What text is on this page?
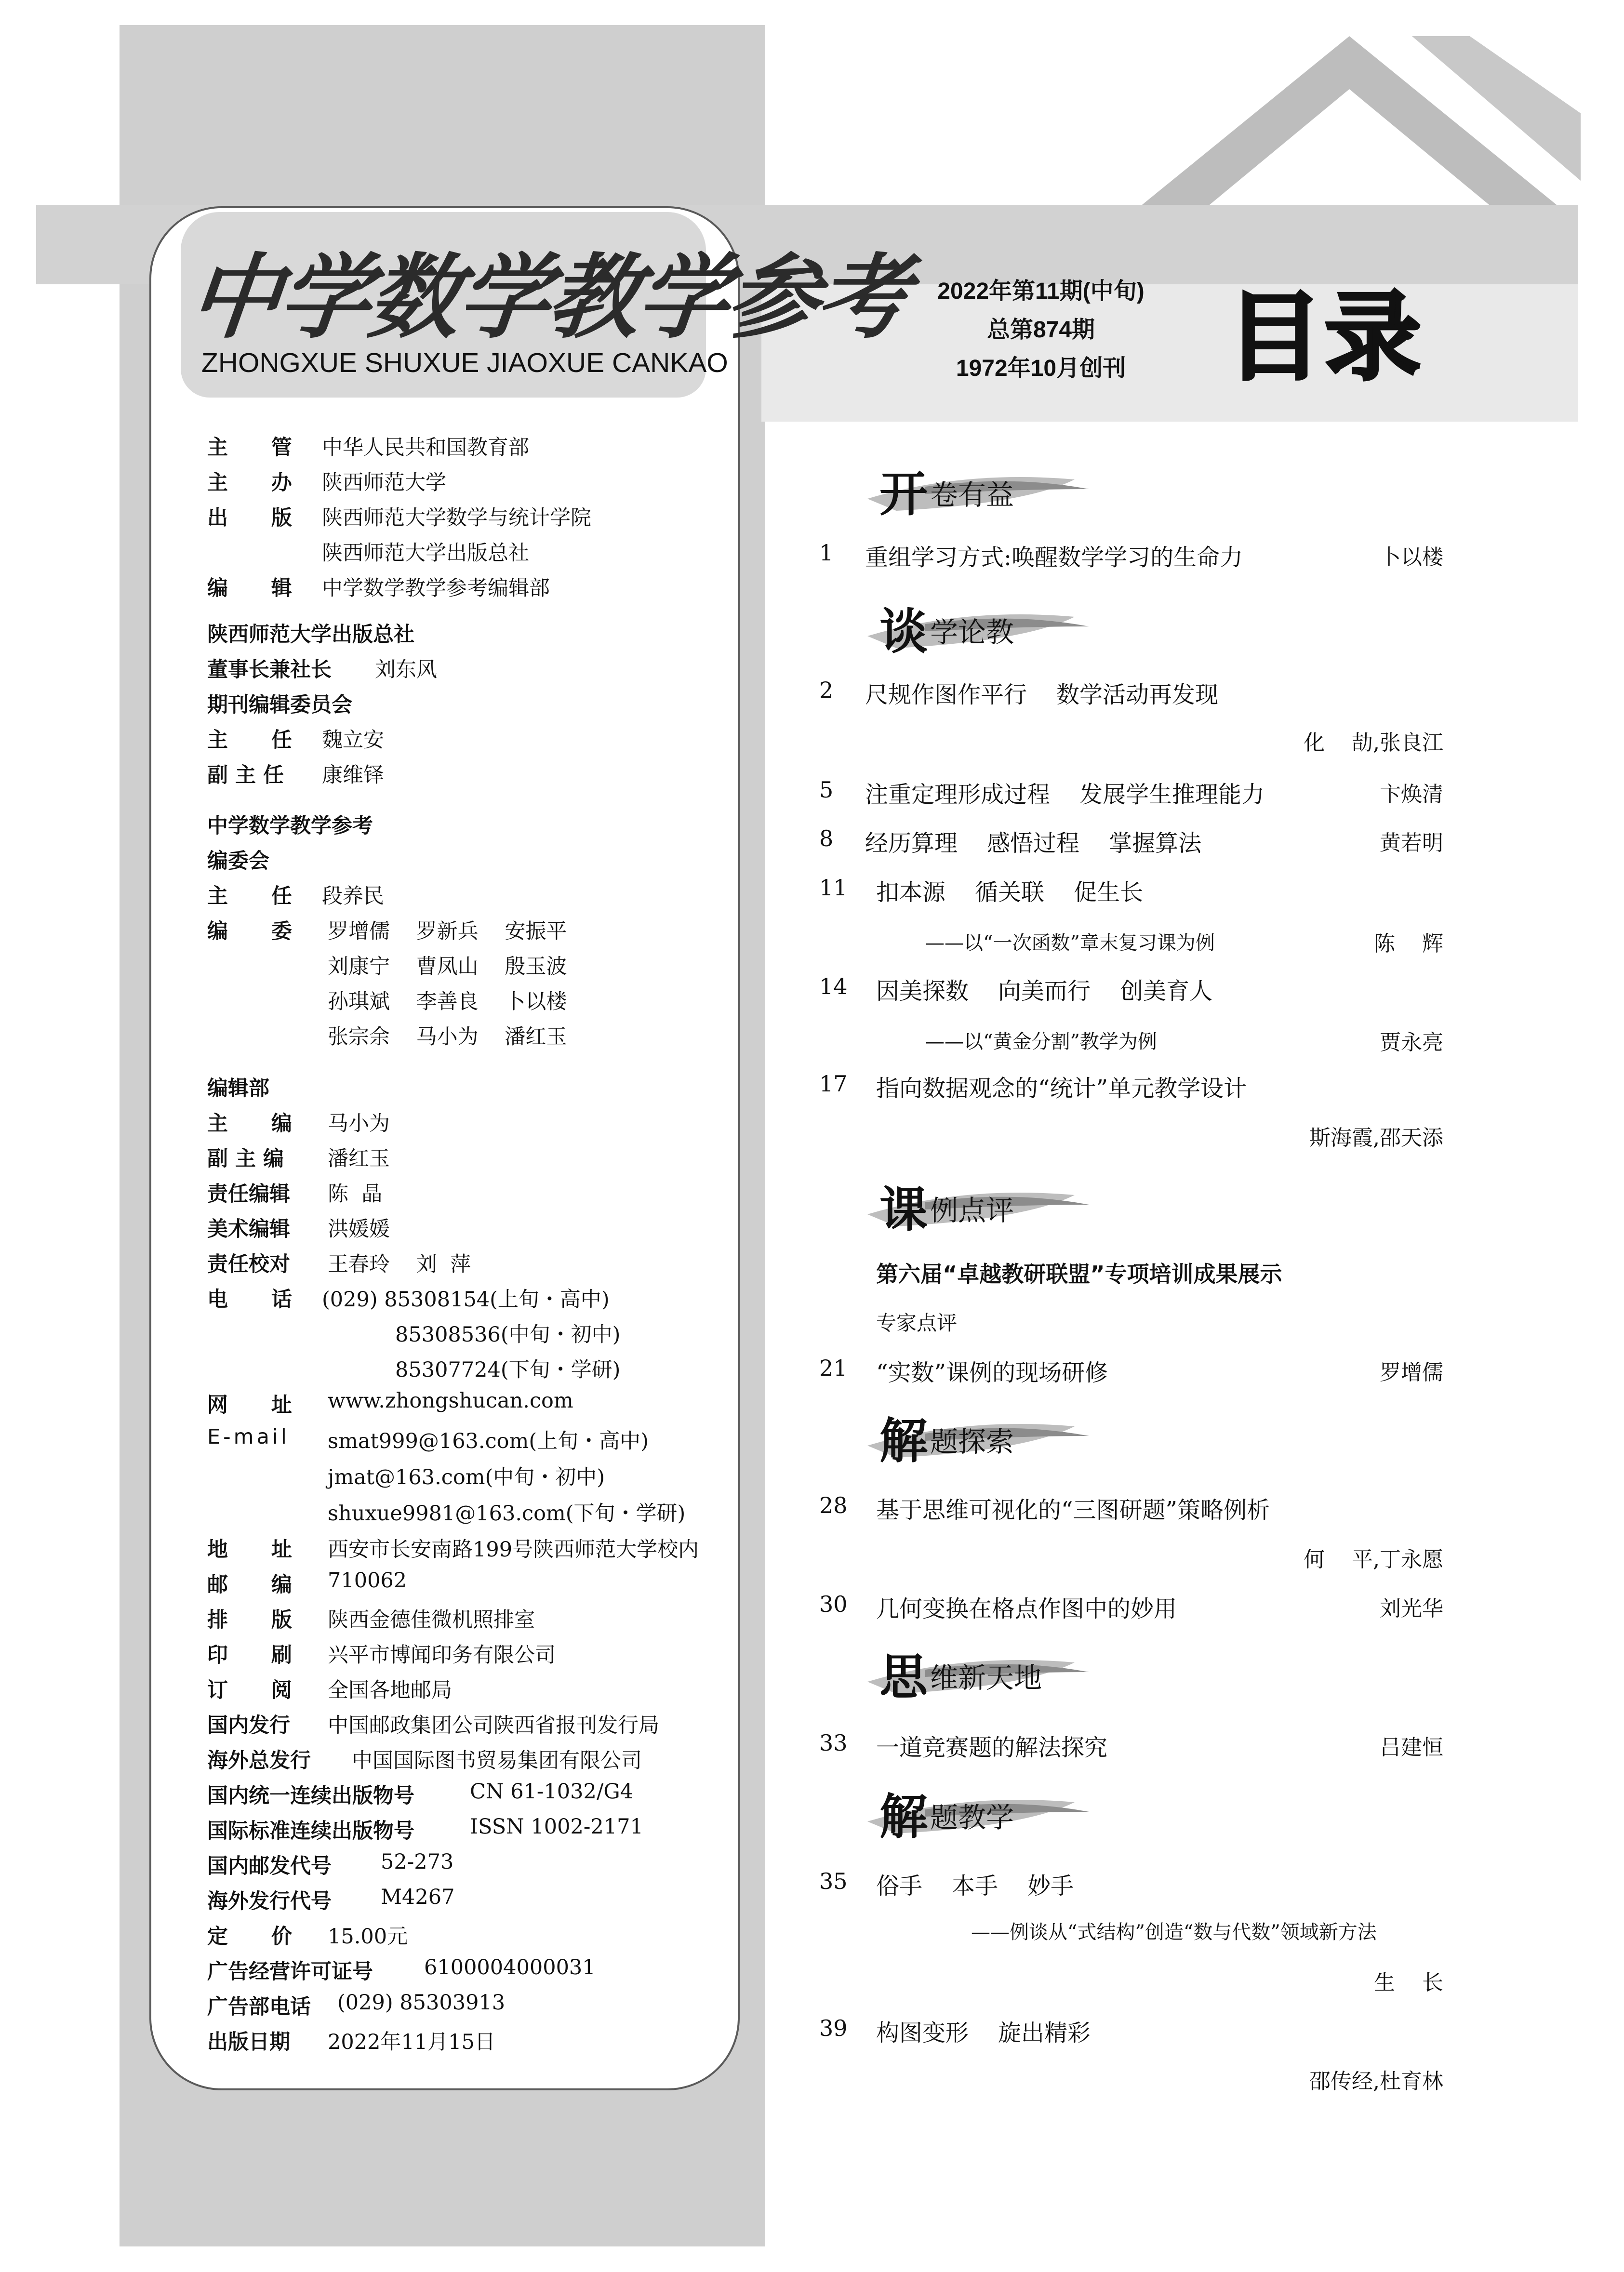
中学数学教学参考
ZHONGXUE SHUXUE JIAOXUE CANKAO
2022年第11期(中旬)
总第874期
1972年10月创刊	目录
主      管 中华人民共和国教育部
主      办 陕西师范大学
出      版 陕西师范大学数学与统计学院
陕西师范大学出版总社
编      辑 中学数学教学参考编辑部
陕西师范大学出版总社
董事长兼社长 刘东风
期刊编辑委员会
主      任 魏立安
副 主 任 康维铎
中学数学教学参考
编委会
主      任 段养民
编      委 罗增儒    罗新兵    安振平
刘康宁    曹凤山    殷玉波
孙琪斌    李善良    卜以楼
张宗余    马小为    潘红玉
编辑部
主      编 马小为
副 主 编 潘红玉
责任编辑 陈  晶
美术编辑 洪媛媛
责任校对 王春玲    刘  萍
电      话 (029) 85308154(上旬・高中)
85308536(中旬・初中)
85307724(下旬・学研)
网      址 www.zhongshucan.com
E-mail smat999@163.com(上旬・高中)
jmat@163.com(中旬・初中)
shuxue9981@163.com(下旬・学研)
地      址 西安市长安南路199号陕西师范大学校内
邮      编 710062
排      版 陕西金德佳微机照排室
印      刷 兴平市博闻印务有限公司
订      阅 全国各地邮局
国内发行 中国邮政集团公司陕西省报刊发行局
海外总发行 中国国际图书贸易集团有限公司
国内统一连续出版物号	CN 61-1032/G4
国际标准连续出版物号	ISSN 1002-2171
国内邮发代号 52-273
海外发行代号 M4267
定      价 15.00元
广告经营许可证号 6100004000031
广告部电话 (029) 85303913
出版日期 2022年11月15日
开 卷有益
谈 学论教
课 例点评
解 题探索
思 维新天地
解 题教学
1	重组学习方式:唤醒数学学习的生命力	卜以楼
2	尺规作图作平行    数学活动再发现
化    劼,张良江
5	注重定理形成过程    发展学生推理能力	卞焕清
8	经历算理    感悟过程    掌握算法	黄若明
11	扣本源    循关联    促生长
——以“一次函数”章末复习课为例	陈    辉
14	因美探数    向美而行    创美育人
——以“黄金分割”教学为例	贾永亮
17	指向数据观念的“统计”单元教学设计
斯海霞,邵天添
第六届“卓越教研联盟”专项培训成果展示
专家点评
21	“实数”课例的现场研修	罗增儒
28	基于思维可视化的“三图研题”策略例析
何    平,丁永愿
30	几何变换在格点作图中的妙用	刘光华
33	一道竞赛题的解法探究	吕建恒
35	俗手    本手    妙手
——例谈从“式结构”创造“数与代数”领域新方法
生    长
39	构图变形    旋出精彩
邵传经,杜育林
